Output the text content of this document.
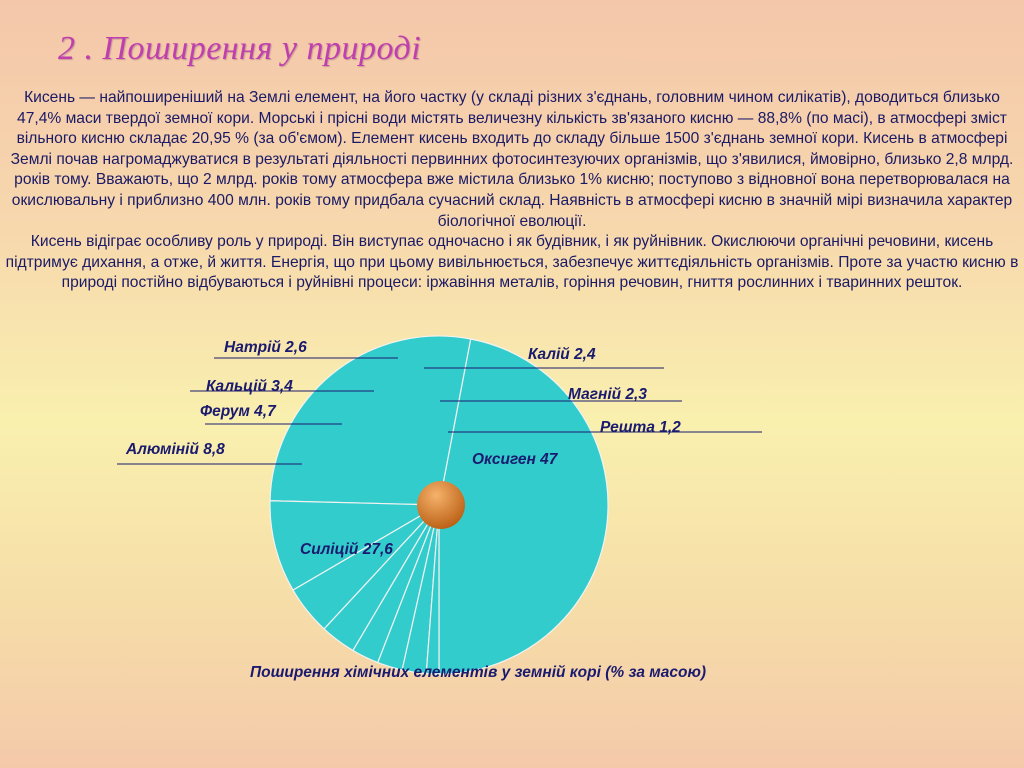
2 . Поширення у природі

Кисень — найпоширеніший на Землі елемент, на його частку (у складі різних з'єднань, головним чином силікатів), доводиться близько 47,4% маси твердої земної кори. Морські і прісні води містять величезну кількість зв'язаного кисню — 88,8% (по масі), в атмосфері зміст вільного кисню складає 20,95 % (за об'ємом). Елемент кисень входить до складу більше 1500 з'єднань земної кори. Кисень в атмосфері Землі почав нагромаджуватися в результаті діяльності первинних фотосинтезуючих організмів, що з'явилися, ймовірно, близько 2,8 млрд. років тому. Вважають, що 2 млрд. років тому атмосфера вже містила близько 1% кисню; поступово з відновної вона перетворювалася на окислювальну і приблизно 400 млн. років тому придбала сучасний склад. Наявність в атмосфері кисню в значній мірі визначила характер біологічної еволюції.

Кисень відіграє особливу роль у природі. Він виступає одночасно і як будівник, і як руйнівник. Окислюючи органічні речовини, кисень підтримує дихання, а отже, й життя. Енергія, що при цьому вивільнюється, забезпечує життєдіяльність організмів. Проте за участю кисню в природі постійно відбуваються і руйнівні процеси: іржавіння металів, горіння речовин, гниття рослинних і тваринних решток.

Оксиген 47
Силіцій 27,6
Алюміній 8,8
Ферум 4,7
Кальцій 3,4
Натрій 2,6	Калій 2,4
Магній 2,3
Решта 1,2
Поширення хімічних елементів у земній корі (% за масою)
